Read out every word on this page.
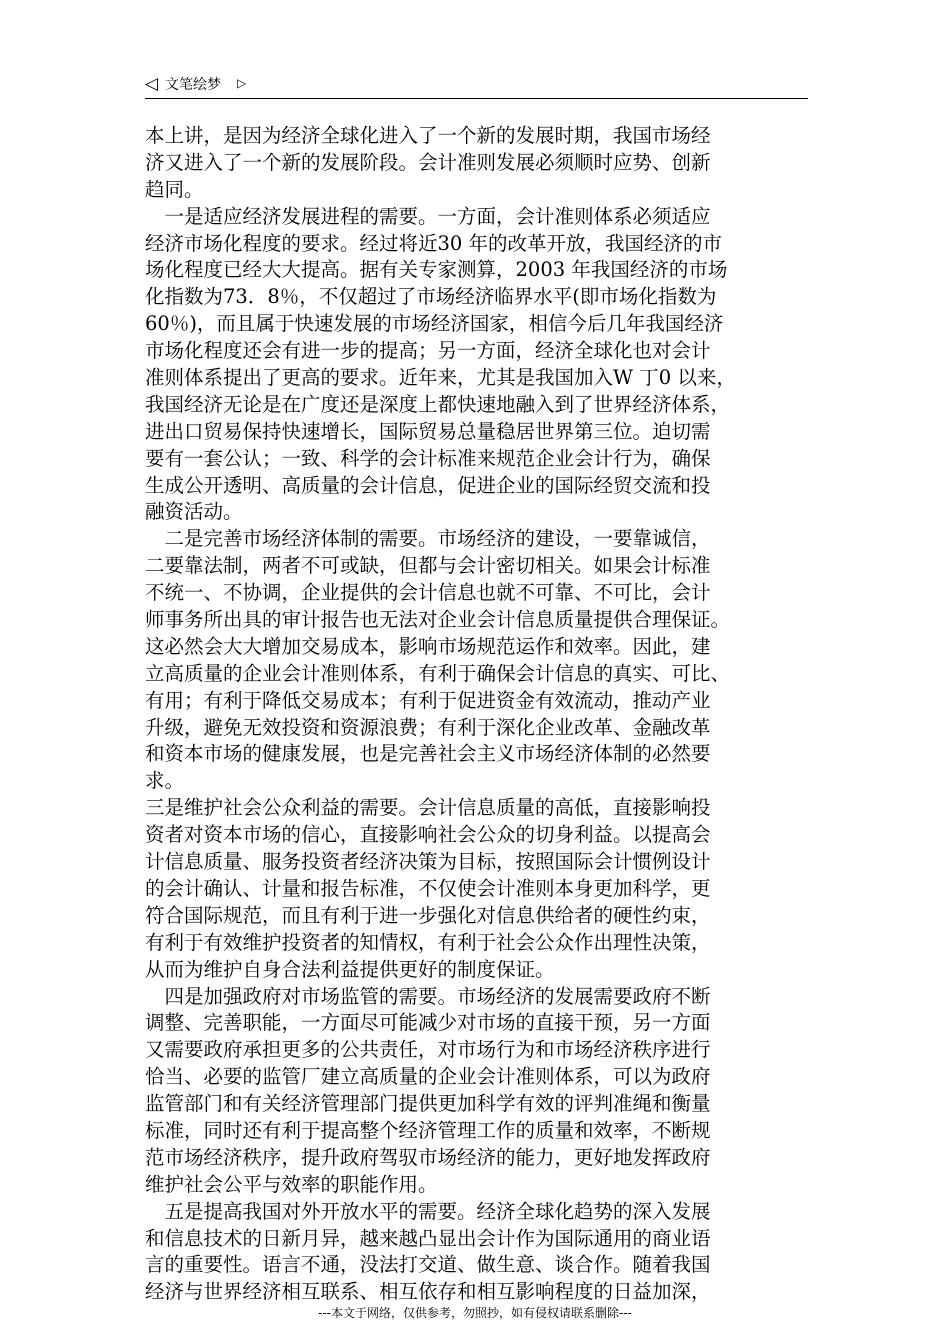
◁ 文笔绘梦 ▷
本上讲，是因为经济全球化进入了一个新的发展时期，我国市场经
济又进入了一个新的发展阶段。会计准则发展必须顺时应势、创新
趋同。
　一是适应经济发展进程的需要。一方面，会计准则体系必须适应
经济市场化程度的要求。经过将近30 年的改革开放，我国经济的市
场化程度已经大大提高。据有关专家测算，2003 年我国经济的市场
化指数为73．8％，不仅超过了市场经济临界水平(即市场化指数为
60％)，而且属于快速发展的市场经济国家，相信今后几年我国经济
市场化程度还会有进一步的提高；另一方面，经济全球化也对会计
准则体系提出了更高的要求。近年来，尤其是我国加入W 丁0 以来，
我国经济无论是在广度还是深度上都快速地融入到了世界经济体系，
进出口贸易保持快速增长，国际贸易总量稳居世界第三位。迫切需
要有一套公认；一致、科学的会计标准来规范企业会计行为，确保
生成公开透明、高质量的会计信息，促进企业的国际经贸交流和投
融资活动。
　二是完善市场经济体制的需要。市场经济的建设，一要靠诚信，
二要靠法制，两者不可或缺，但都与会计密切相关。如果会计标准
不统一、不协调，企业提供的会计信息也就不可靠、不可比，会计
师事务所出具的审计报告也无法对企业会计信息质量提供合理保证。
这必然会大大增加交易成本，影响市场规范运作和效率。因此，建
立高质量的企业会计准则体系，有利于确保会计信息的真实、可比、
有用；有利于降低交易成本；有利于促进资金有效流动，推动产业
升级，避免无效投资和资源浪费；有利于深化企业改革、金融改革
和资本市场的健康发展，也是完善社会主义市场经济体制的必然要
求。
三是维护社会公众利益的需要。会计信息质量的高低，直接影响投
资者对资本市场的信心，直接影响社会公众的切身利益。以提高会
计信息质量、服务投资者经济决策为目标，按照国际会计惯例设计
的会计确认、计量和报告标准，不仅使会计准则本身更加科学，更
符合国际规范，而且有利于进一步强化对信息供给者的硬性约束，
有利于有效维护投资者的知情权，有利于社会公众作出理性决策，
从而为维护自身合法利益提供更好的制度保证。
　四是加强政府对市场监管的需要。市场经济的发展需要政府不断
调整、完善职能，一方面尽可能减少对市场的直接干预，另一方面
又需要政府承担更多的公共责任，对市场行为和市场经济秩序进行
恰当、必要的监管厂建立高质量的企业会计准则体系，可以为政府
监管部门和有关经济管理部门提供更加科学有效的评判准绳和衡量
标准，同时还有利于提高整个经济管理工作的质量和效率，不断规
范市场经济秩序，提升政府驾驭市场经济的能力，更好地发挥政府
维护社会公平与效率的职能作用。
　五是提高我国对外开放水平的需要。经济全球化趋势的深入发展
和信息技术的日新月异，越来越凸显出会计作为国际通用的商业语
言的重要性。语言不通，没法打交道、做生意、谈合作。随着我国
经济与世界经济相互联系、相互依存和相互影响程度的日益加深，
---本文于网络，仅供参考，勿照抄，如有侵权请联系删除---
